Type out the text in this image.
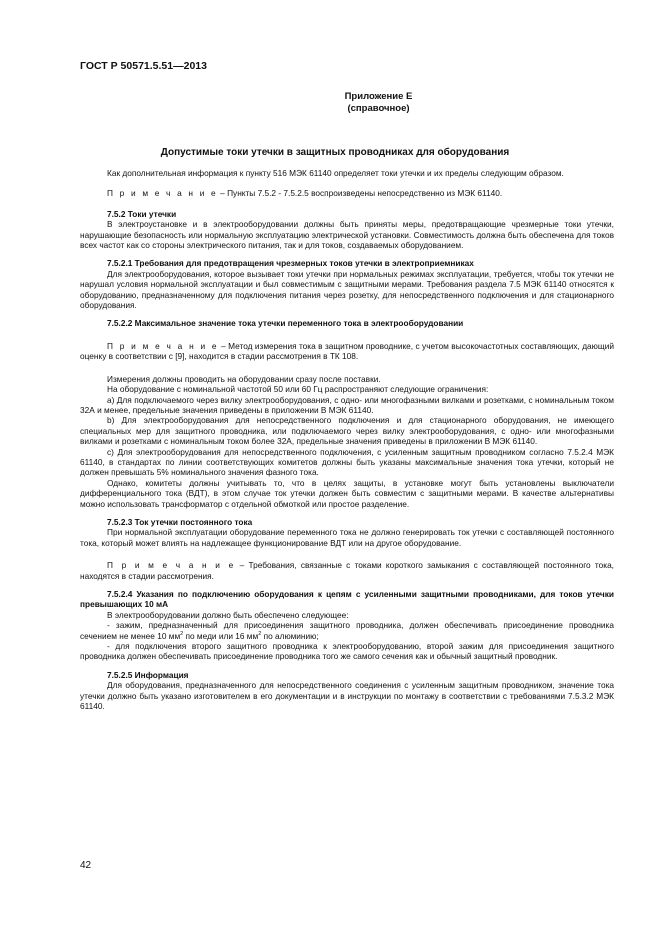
ГОСТ Р 50571.5.51—2013
Приложение Е
(справочное)
Допустимые токи утечки в защитных проводниках для оборудования

Как дополнительная информация к пункту 516 МЭК 61140 определяет токи утечки и их пределы следующим образом.

П р и м е ч а н и е – Пункты 7.5.2 - 7.5.2.5 воспроизведены непосредственно из МЭК 61140.

7.5.2 Токи утечки

В электроустановке и в электрооборудовании должны быть приняты меры, предотвращающие чрезмерные токи утечки, нарушающие безопасность или нормальную эксплуатацию электрической установки. Совместимость должна быть обеспечена для токов всех частот как со стороны электрического питания, так и для токов, создаваемых оборудованием.

7.5.2.1 Требования для предотвращения чрезмерных токов утечки в электроприемниках

Для электрооборудования, которое вызывает токи утечки при нормальных режимах эксплуатации, требуется, чтобы ток утечки не нарушал условия нормальной эксплуатации и был совместимым с защитными мерами. Требования раздела 7.5 МЭК 61140 относятся к оборудованию, предназначенному для подключения питания через розетку, для непосредственного подключения и для стационарного оборудования.

7.5.2.2 Максимальное значение тока утечки переменного тока в электрооборудовании

П р и м е ч а н и е – Метод измерения тока в защитном проводнике, с учетом высокочастотных составляющих, дающий оценку в соответствии с [9], находится в стадии рассмотрения в ТК 108.

Измерения должны проводить на оборудовании сразу после поставки.

На оборудование с номинальной частотой 50 или 60 Гц распространяют следующие ограничения:

а) Для подключаемого через вилку электрооборудования, с одно- или многофазными вилками и розетками, с номинальным током 32А и менее, предельные значения приведены в приложении В МЭК 61140.

b) Для электрооборудования для непосредственного подключения и для стационарного оборудования, не имеющего специальных мер для защитного проводника, или подключаемого через вилку электрооборудования, с одно- или многофазными вилками и розетками с номинальным током более 32А, предельные значения приведены в приложении В МЭК 61140.

с) Для электрооборудования для непосредственного подключения, с усиленным защитным проводником согласно 7.5.2.4 МЭК 61140, в стандартах по линии соответствующих комитетов должны быть указаны максимальные значения тока утечки, который не должен превышать 5% номинального значения фазного тока.

Однако, комитеты должны учитывать то, что в целях защиты, в установке могут быть установлены выключатели дифференциального тока (ВДТ), в этом случае ток утечки должен быть совместим с защитными мерами. В качестве альтернативы можно использовать трансформатор с отдельной обмоткой или простое разделение.

7.5.2.3 Ток утечки постоянного тока

При нормальной эксплуатации оборудование переменного тока не должно генерировать ток утечки с составляющей постоянного тока, который может влиять на надлежащее функционирование ВДТ или на другое оборудование.

П р и м е ч а н и е – Требования, связанные с токами короткого замыкания с составляющей постоянного тока, находятся в стадии рассмотрения.

7.5.2.4 Указания по подключению оборудования к цепям с усиленными защитными проводниками, для токов утечки превышающих 10 мА

В электрооборудовании должно быть обеспечено следующее:

- зажим, предназначенный для присоединения защитного проводника, должен обеспечивать присоединение проводника сечением не менее 10 $мм^2$ по меди или 16 $мм^2$ по алюминию;

- для подключения второго защитного проводника к электрооборудованию, второй зажим для присоединения защитного проводника должен обеспечивать присоединение проводника того же самого сечения как и обычный защитный проводник.

7.5.2.5 Информация

Для оборудования, предназначенного для непосредственного соединения с усиленным защитным проводником, значение тока утечки должно быть указано изготовителем в его документации и в инструкции по монтажу в соответствии с требованиями 7.5.3.2 МЭК 61140.

42
